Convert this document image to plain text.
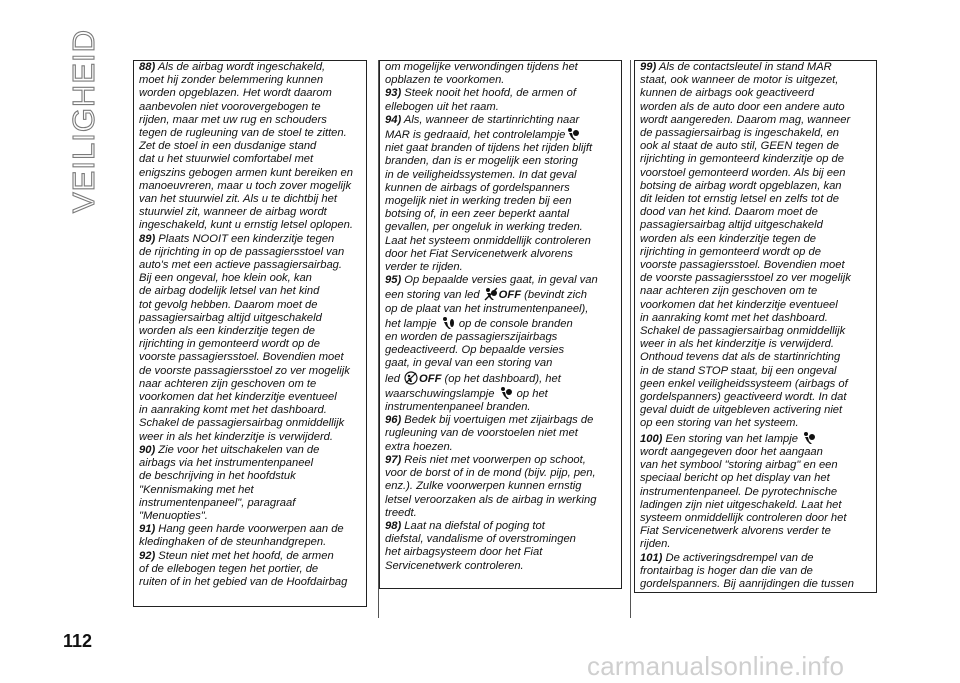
VEILIGHEID	88) Als de airbag wordt ingeschakeld,
moet hij zonder belemmering kunnen
worden opgeblazen. Het wordt daarom
aanbevolen niet voorovergebogen te
rijden, maar met uw rug en schouders
tegen de rugleuning van de stoel te zitten.
Zet de stoel in een dusdanige stand
dat u het stuurwiel comfortabel met
enigszins gebogen armen kunt bereiken en
manoeuvreren, maar u toch zover mogelijk
van het stuurwiel zit. Als u te dichtbij het
stuurwiel zit, wanneer de airbag wordt
ingeschakeld, kunt u ernstig letsel oplopen.

89) Plaats NOOIT een kinderzitje tegen
de rijrichting in op de passagiersstoel van
auto's met een actieve passagiersairbag.
Bij een ongeval, hoe klein ook, kan
de airbag dodelijk letsel van het kind
tot gevolg hebben. Daarom moet de
passagiersairbag altijd uitgeschakeld
worden als een kinderzitje tegen de
rijrichting in gemonteerd wordt op de
voorste passagiersstoel. Bovendien moet
de voorste passagiersstoel zo ver mogelijk
naar achteren zijn geschoven om te
voorkomen dat het kinderzitje eventueel
in aanraking komt met het dashboard.
Schakel de passagiersairbag onmiddellijk
weer in als het kinderzitje is verwijderd.

90) Zie voor het uitschakelen van de
airbags via het instrumentenpaneel
de beschrijving in het hoofdstuk
"Kennismaking met het
instrumentenpaneel", paragraaf
"Menuopties".

91) Hang geen harde voorwerpen aan de
kledinghaken of de steunhandgrepen.

92) Steun niet met het hoofd, de armen
of de ellebogen tegen het portier, de
ruiten of in het gebied van de Hoofdairbag

om mogelijke verwondingen tijdens het
opblazen te voorkomen.

93) Steek nooit het hoofd, de armen of
ellebogen uit het raam.

94) Als, wanneer de startinrichting naar
MAR is gedraaid, het controlelampje
niet gaat branden of tijdens het rijden blijft
branden, dan is er mogelijk een storing
in de veiligheidssystemen. In dat geval
kunnen de airbags of gordelspanners
mogelijk niet in werking treden bij een
botsing of, in een zeer beperkt aantal
gevallen, per ongeluk in werking treden.
Laat het systeem onmiddellijk controleren
door het Fiat Servicenetwerk alvorens
verder te rijden.

95) Op bepaalde versies gaat, in geval van
een storing van led OFF (bevindt zich
op de plaat van het instrumentenpaneel),
het lampje  op de console branden
en worden de passagierszijairbags
gedeactiveerd. Op bepaalde versies
gaat, in geval van een storing van
led OFF (op het dashboard), het
waarschuwingslampje  op het
instrumentenpaneel branden.

96) Bedek bij voertuigen met zijairbags de
rugleuning van de voorstoelen niet met
extra hoezen.

97) Reis niet met voorwerpen op schoot,
voor de borst of in de mond (bijv. pijp, pen,
enz.). Zulke voorwerpen kunnen ernstig
letsel veroorzaken als de airbag in werking
treedt.

98) Laat na diefstal of poging tot
diefstal, vandalisme of overstromingen
het airbagsysteem door het Fiat
Servicenetwerk controleren.

99) Als de contactsleutel in stand MAR
staat, ook wanneer de motor is uitgezet,
kunnen de airbags ook geactiveerd
worden als de auto door een andere auto
wordt aangereden. Daarom mag, wanneer
de passagiersairbag is ingeschakeld, en
ook al staat de auto stil, GEEN tegen de
rijrichting in gemonteerd kinderzitje op de
voorstoel gemonteerd worden. Als bij een
botsing de airbag wordt opgeblazen, kan
dit leiden tot ernstig letsel en zelfs tot de
dood van het kind. Daarom moet de
passagiersairbag altijd uitgeschakeld
worden als een kinderzitje tegen de
rijrichting in gemonteerd wordt op de
voorste passagiersstoel. Bovendien moet
de voorste passagiersstoel zo ver mogelijk
naar achteren zijn geschoven om te
voorkomen dat het kinderzitje eventueel
in aanraking komt met het dashboard.
Schakel de passagiersairbag onmiddellijk
weer in als het kinderzitje is verwijderd.
Onthoud tevens dat als de startinrichting
in de stand STOP staat, bij een ongeval
geen enkel veiligheidssysteem (airbags of
gordelspanners) geactiveerd wordt. In dat
geval duidt de uitgebleven activering niet
op een storing van het systeem.

100) Een storing van het lampje
wordt aangegeven door het aangaan
van het symbool "storing airbag" en een
speciaal bericht op het display van het
instrumentenpaneel. De pyrotechnische
ladingen zijn niet uitgeschakeld. Laat het
systeem onmiddellijk controleren door het
Fiat Servicenetwerk alvorens verder te
rijden.

101) De activeringsdrempel van de
frontairbag is hoger dan die van de
gordelspanners. Bij aanrijdingen die tussen

112
carmanualsonline.info
